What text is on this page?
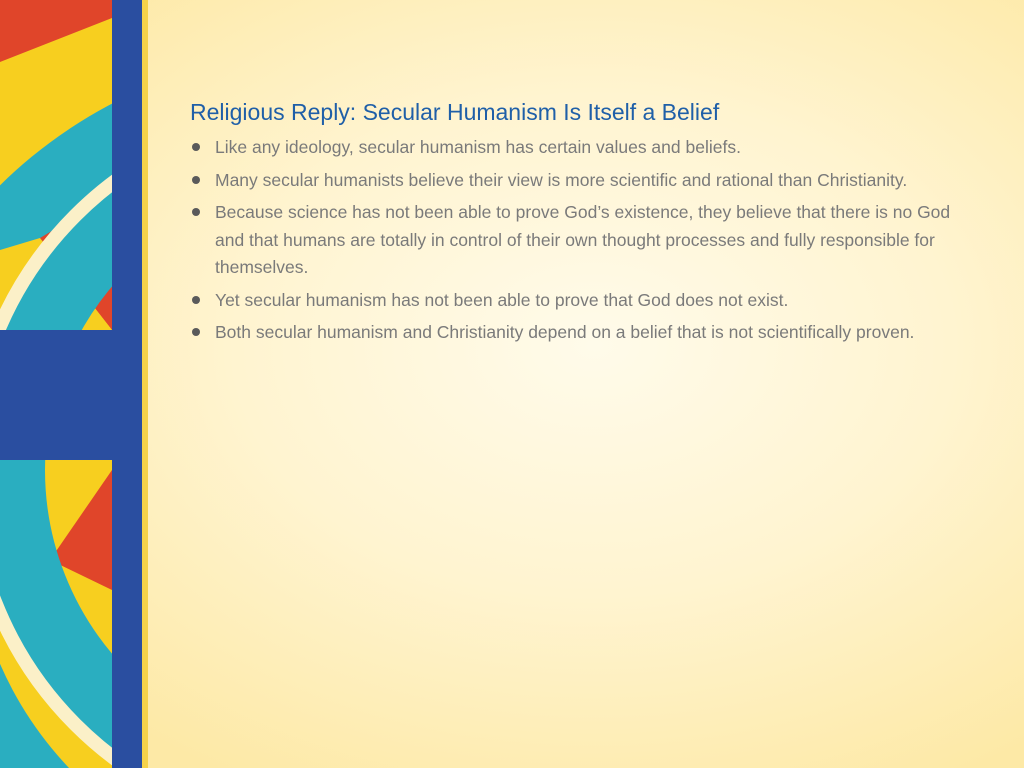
Religious Reply: Secular Humanism Is Itself a Belief
Like any ideology, secular humanism has certain values and beliefs.
Many secular humanists believe their view is more scientific and rational than Christianity.
Because science has not been able to prove God’s existence, they believe that there is no God and that humans are totally in control of their own thought processes and fully responsible for themselves.
Yet secular humanism has not been able to prove that God does not exist.
Both secular humanism and Christianity depend on a belief that is not scientifically proven.
